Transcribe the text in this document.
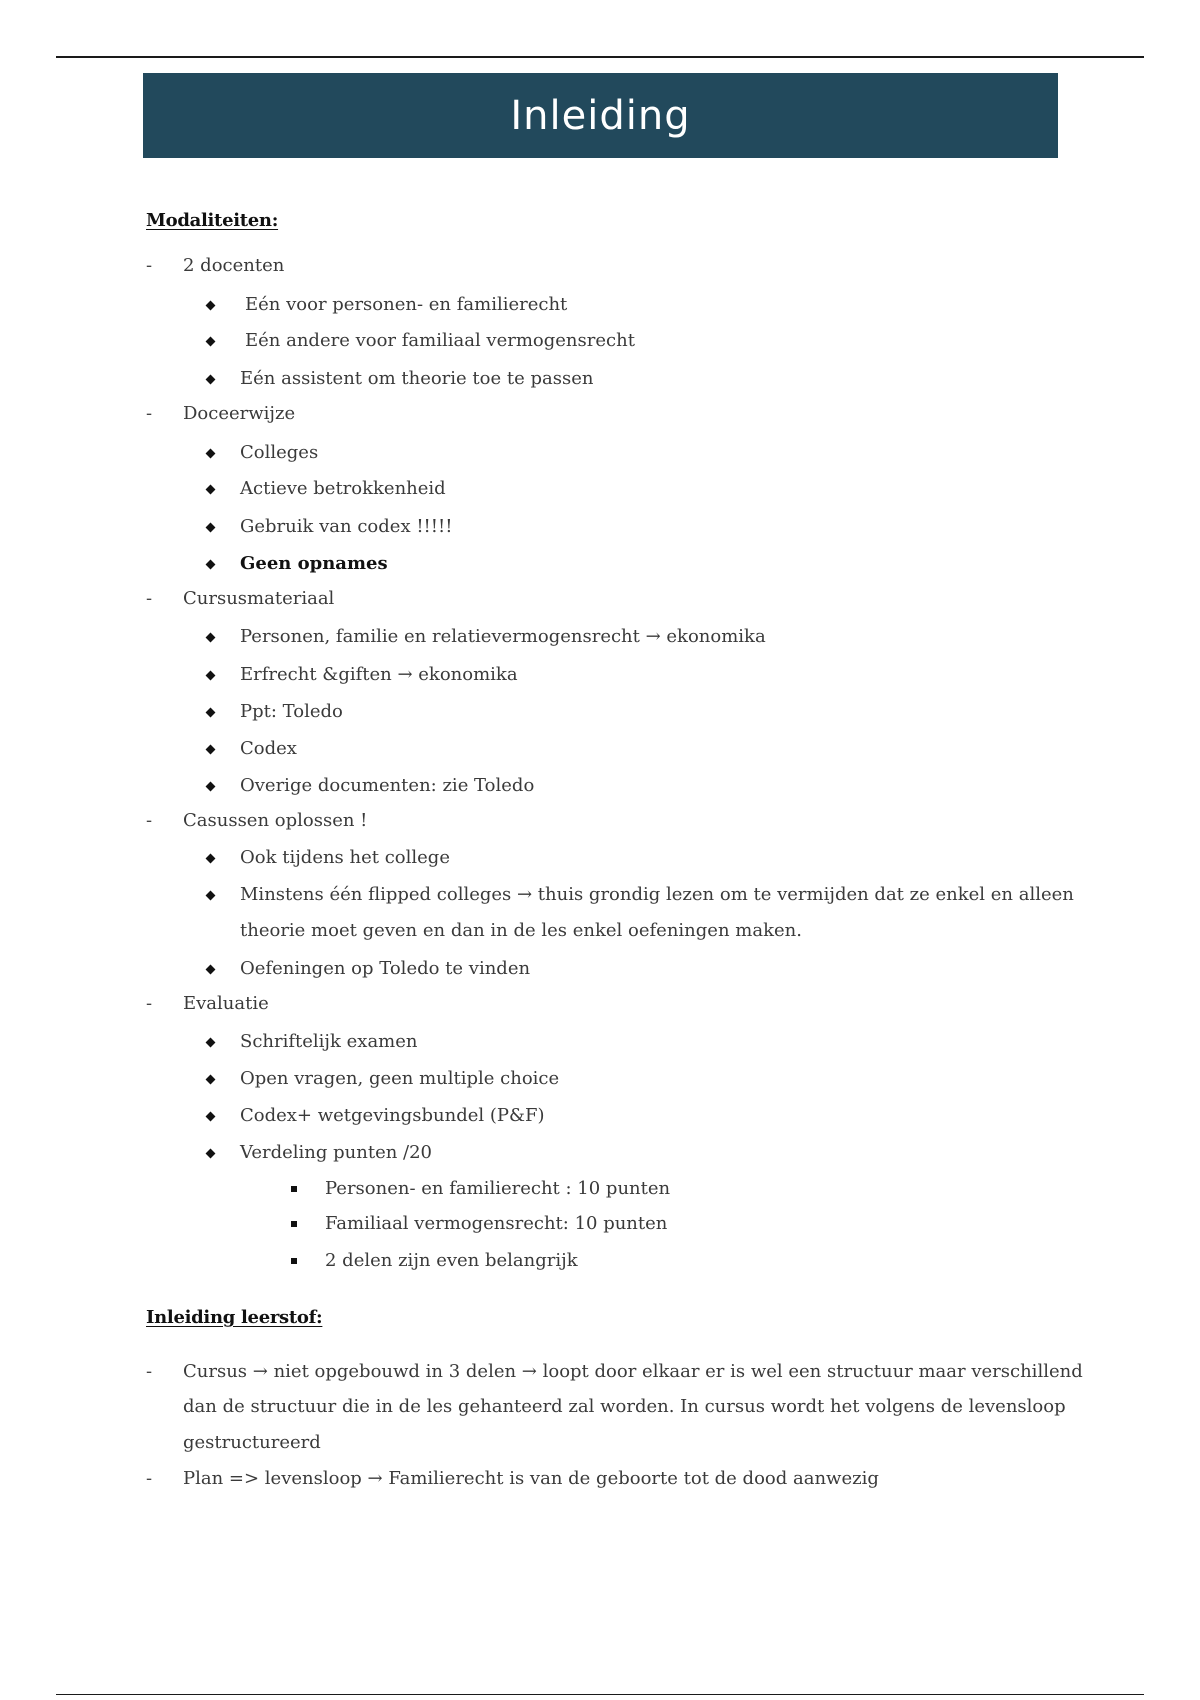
Inleiding
Modaliteiten:
- 2 docenten
Eén voor personen- en familierecht
Eén andere voor familiaal vermogensrecht
Eén assistent om theorie toe te passen
- Doceerwijze
Colleges
Actieve betrokkenheid
Gebruik van codex !!!!!
Geen opnames
- Cursusmateriaal
Personen, familie en relatievermogensrecht → ekonomika
Erfrecht &giften → ekonomika
Ppt: Toledo
Codex
Overige documenten: zie Toledo
- Casussen oplossen !
Ook tijdens het college
Minstens één flipped colleges → thuis grondig lezen om te vermijden dat ze enkel en alleen
theorie moet geven en dan in de les enkel oefeningen maken.
Oefeningen op Toledo te vinden
- Evaluatie
Schriftelijk examen
Open vragen, geen multiple choice
Codex+ wetgevingsbundel (P&F)
Verdeling punten /20
Personen- en familierecht : 10 punten
Familiaal vermogensrecht: 10 punten
2 delen zijn even belangrijk
Inleiding leerstof:
- Cursus → niet opgebouwd in 3 delen → loopt door elkaar er is wel een structuur maar verschillend
dan de structuur die in de les gehanteerd zal worden. In cursus wordt het volgens de levensloop
gestructureerd
- Plan => levensloop → Familierecht is van de geboorte tot de dood aanwezig
